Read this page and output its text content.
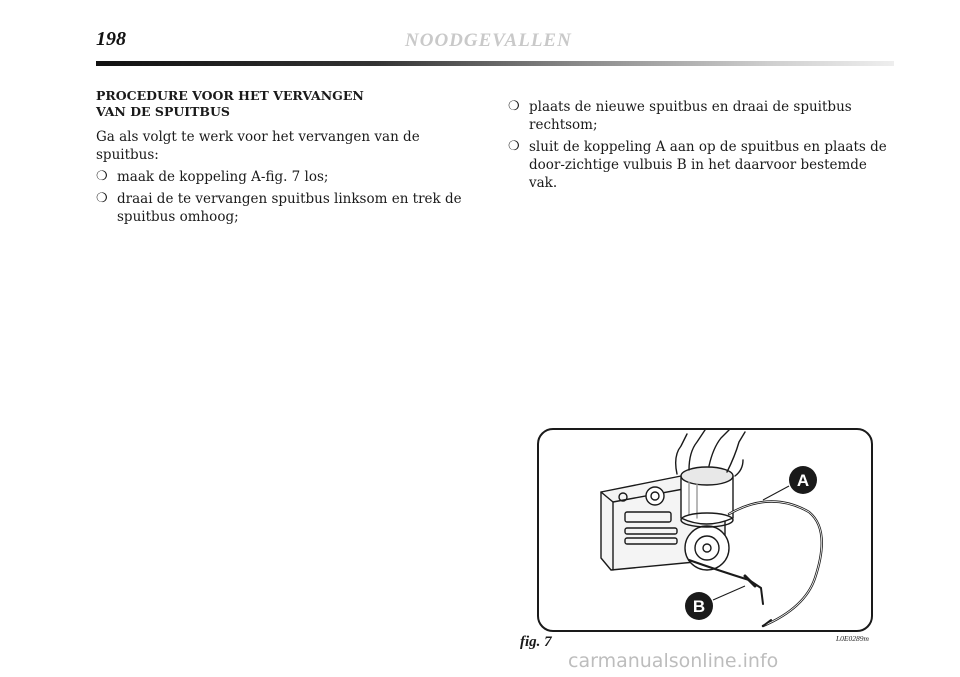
198	NOODGEVALLEN
PROCEDURE VOOR HET VERVANGEN
VAN DE SPUITBUS

Ga als volgt te werk voor het vervangen van de spuitbus:

❍ maak de koppeling A-fig. 7 los;
❍ draai de te vervangen spuitbus linksom en trek de spuitbus omhoog;
❍ plaats de nieuwe spuitbus en draai de spuitbus rechtsom;
❍ sluit de koppeling A aan op de spuitbus en plaats de door-zichtige vulbuis B in het daarvoor bestemde vak.
A
B
fig. 7	L0E0289m
carmanualsonline.info
